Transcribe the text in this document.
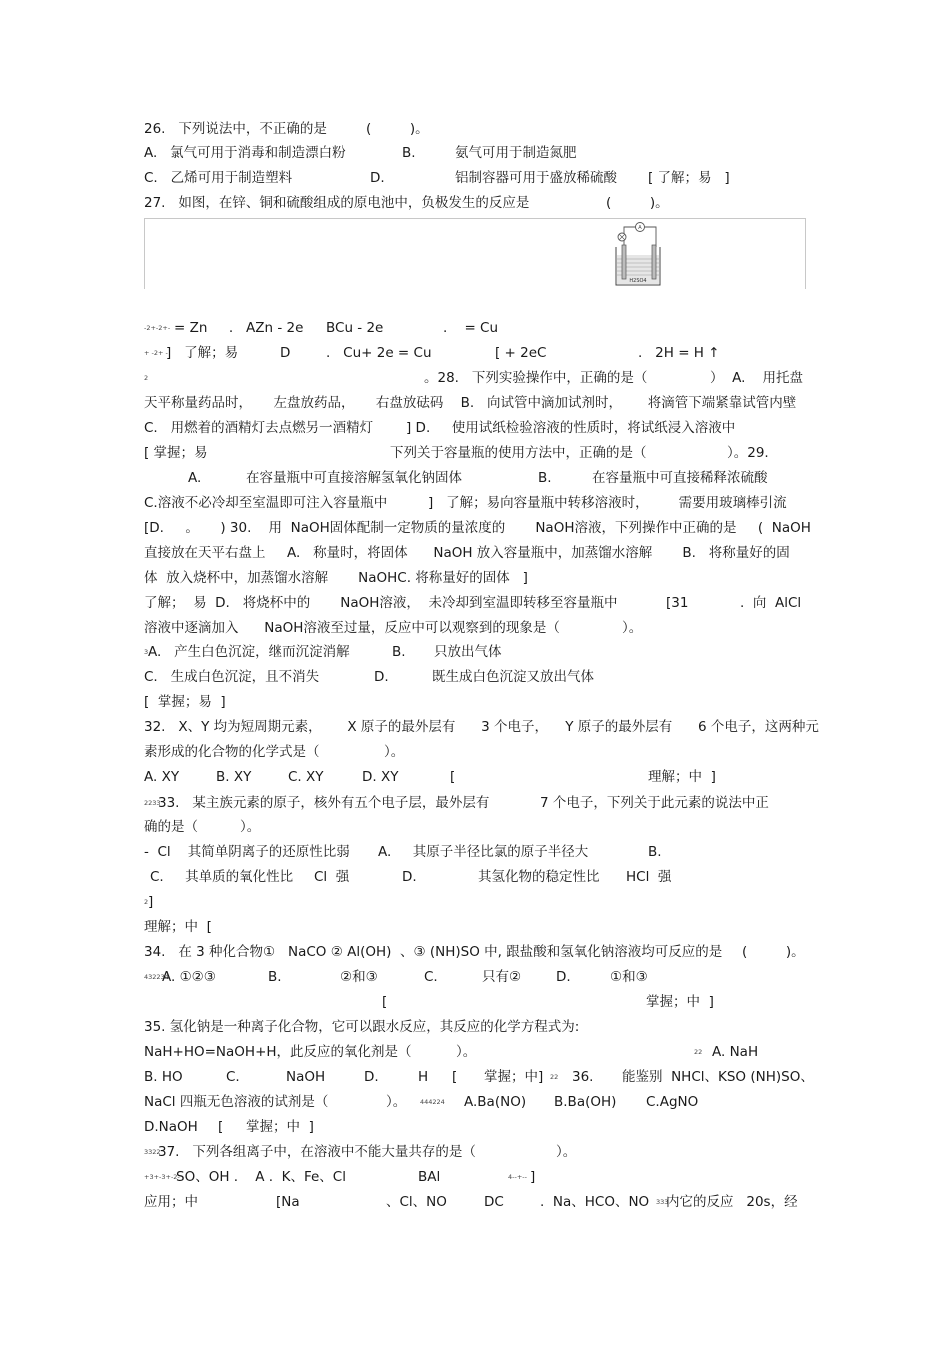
26.   下列说法中，不正确的是	(         )。
A.   氯气可用于消毒和制造漂白粉	B.	氨气可用于制造氮肥
C.   乙烯可用于制造塑料	D.	铝制容器可用于盛放稀硫酸 [ 了解；易   ]
27.   如图，在锌、铜和硫酸组成的原电池中，负极发生的反应是	(         )。
-2+-2+- = Zn     .   AZn - 2e BCu - 2e	.    = Cu
+ -2+ -
]   了解；易	D	.   Cu+ 2e = Cu	[ + 2eC	.   2H = H ↑
2	。28.   下列实验操作中，正确的是（	）  A.    用托盘
天平称量药品时，     左盘放药品，     右盘放砝码    B.   向试管中滴加试剂时，      将滴管下端紧靠试管内壁
C.   用燃着的酒精灯去点燃另一酒精灯 ] D.     使用试纸检验溶液的性质时，将试纸浸入溶液中
[ 掌握；易	下列关于容量瓶的使用方法中，正确的是（	）。29.
A.	在容量瓶中可直接溶解氢氧化钠固体	B.	在容量瓶中可直接稀释浓硫酸
C.溶液不必冷却至室温即可注入容量瓶中	]   了解；易向容量瓶中转移溶液时，       需要用玻璃棒引流
[D.     。     ) 30.    用  NaOH固体配制一定物质的量浓度的       NaOH溶液，下列操作中正确的是     (  NaOH
直接放在天平右盘上     A.   称量时，将固体      NaOH 放入容量瓶中，加蒸馏水溶解       B.   将称量好的固
体  放入烧杯中，加蒸馏水溶解       NaOHC. 将称量好的固体   ]
了解；  易  D.   将烧杯中的       NaOH溶液，  未冷却到室温即转移至容量瓶中	[31	.  向  AlCl
溶液中逐滴加入      NaOH溶液至过量，反应中可以观察到的现象是（	）。
3 A.   产生白色沉淀，继而沉淀消解	B. 只放出气体
C.   生成白色沉淀，且不消失	D.	既生成白色沉淀又放出气体
[  掌握；易  ]
32.   X、Y 均为短周期元素，      X 原子的最外层有      3 个电子，    Y 原子的最外层有      6 个电子，这两种元
素形成的化合物的化学式是（	）。
A. XY	B. XY	C. XY	D. XY	[	理解；中  ]
2233
33.   某主族元素的原子，核外有五个电子层，最外层有	7 个电子，下列关于此元素的说法中正
确的是（	）。
-  Cl    其简单阴离子的还原性比弱 A.     其原子半径比氯的原子半径大	B.
C.     其单质的氧化性比 Cl  强	D.	其氢化物的稳定性比 HCl  强
2 ]
理解；中  [
34.   在 3 种化合物①   NaCO ② Al(OH)  、③ (NH)SO 中, 跟盐酸和氢氧化钠溶液均可反应的是 (         )。
432234
A. ①②③	B.	②和③	C.	只有②	D.	①和③
[	掌握；中  ]
35. 氢化钠是一种离子化合物，它可以跟水反应，其反应的化学方程式为:
NaH+HO=NaOH+H，此反应的氧化剂是（	）。	22 A. NaH
B. HO	C.	NaOH	D.	H [ 掌握；中] 22 36. 能鉴别  NHCl、KSO (NH)SO、
NaCl 四瓶无色溶液的试剂是（	）。 444224 A.Ba(NO) B.Ba(OH) C.AgNO
D.NaOH [ 掌握；中  ]
3322
37.   下列各组离子中，在溶液中不能大量共存的是（	）。
+3+-3+-2-
SO、OH .    A .  K、Fe、Cl	BAl	4--+-- ]
应用；中	[Na	、Cl、NO	DC	.  Na、HCO、NO 333
内它的反应   20s，经
A
H2SO4
